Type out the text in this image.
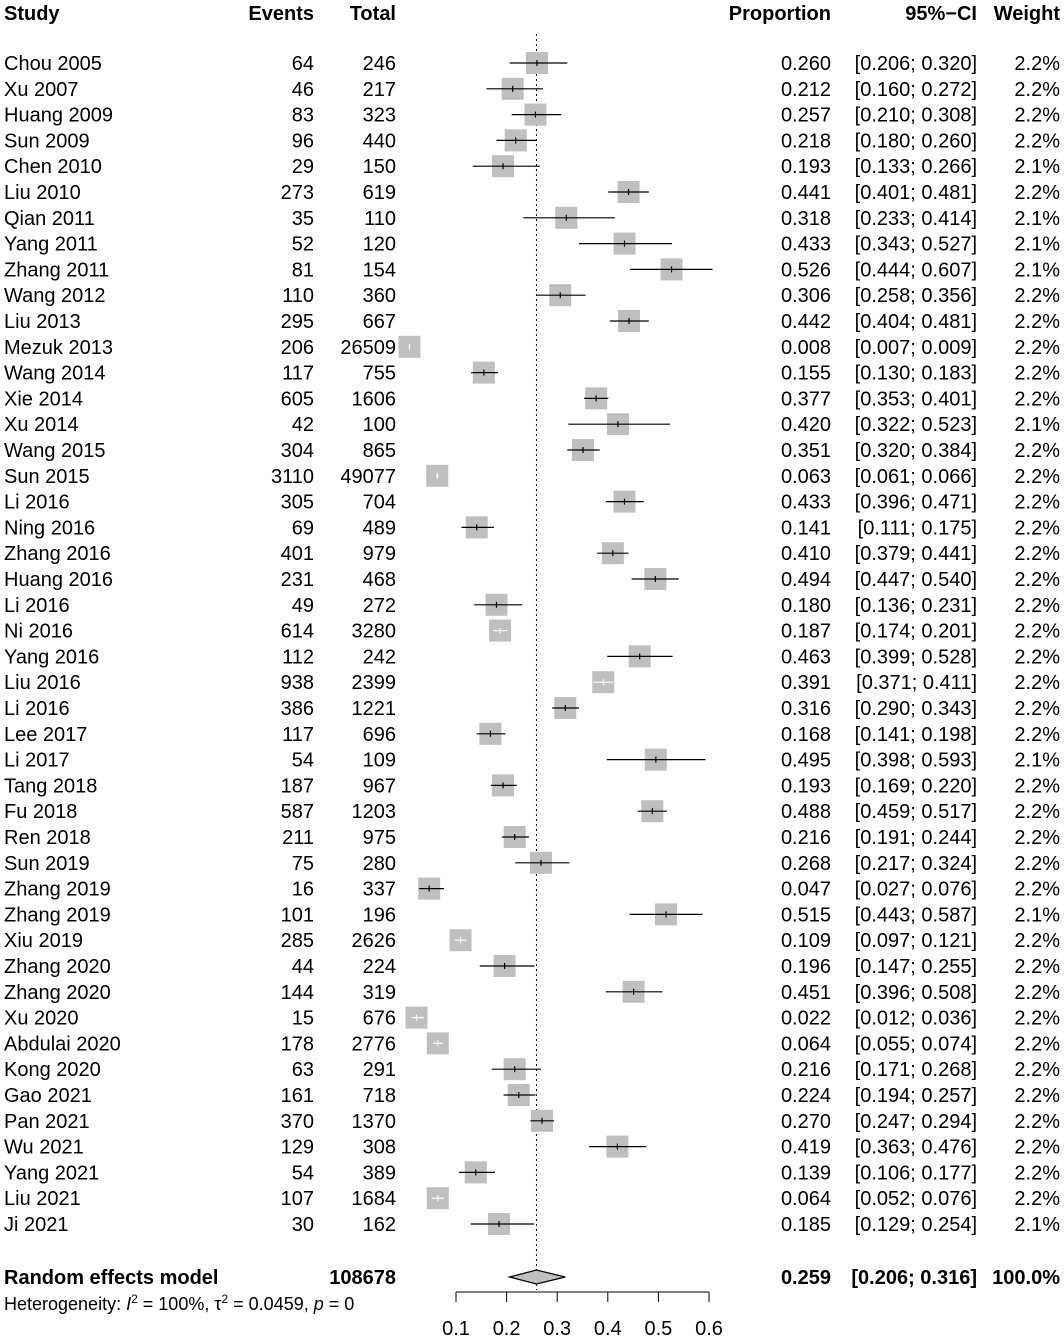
Study	Events Total	Proportion	95%−CI Weight
Chou 2005	64 246	0.260 [0.206; 0.320] 2.2%
Xu 2007	46 217	0.212 [0.160; 0.272] 2.2%
Huang 2009	83 323	0.257 [0.210; 0.308] 2.2%
Sun 2009	96 440	0.218 [0.180; 0.260] 2.2%
Chen 2010	29 150	0.193 [0.133; 0.266] 2.1%
Liu 2010	273 619	0.441 [0.401; 0.481] 2.2%
Qian 2011	35	110	0.318 [0.233; 0.414] 2.1%
Yang 2011	52 120	0.433 [0.343; 0.527] 2.1%
Zhang 2011	81 154	0.526 [0.444; 0.607] 2.1%
Wang 2012	110 360	0.306 [0.258; 0.356] 2.2%
Liu 2013	295 667	0.442 [0.404; 0.481] 2.2%
Mezuk 2013	206 26509	0.008 [0.007; 0.009] 2.2%
Wang 2014	117 755	0.155 [0.130; 0.183] 2.2%
Xie 2014	605 1606	0.377 [0.353; 0.401] 2.2%
Xu 2014	42 100	0.420 [0.322; 0.523] 2.1%
Wang 2015	304 865	0.351 [0.320; 0.384] 2.2%
Sun 2015	3110 49077	0.063 [0.061; 0.066] 2.2%
Li 2016	305 704	0.433 [0.396; 0.471] 2.2%
Ning 2016	69 489	0.141 [0.111; 0.175] 2.2%
Zhang 2016	401 979	0.410 [0.379; 0.441] 2.2%
Huang 2016	231 468	0.494 [0.447; 0.540] 2.2%
Li 2016	49 272	0.180 [0.136; 0.231] 2.2%
Ni 2016	614 3280	0.187 [0.174; 0.201] 2.2%
Yang 2016	112 242	0.463 [0.399; 0.528] 2.2%
Liu 2016	938 2399	0.391 [0.371; 0.411] 2.2%
Li 2016	386 1221	0.316 [0.290; 0.343] 2.2%
Lee 2017	117 696	0.168 [0.141; 0.198] 2.2%
Li 2017	54 109	0.495 [0.398; 0.593] 2.1%
Tang 2018	187 967	0.193 [0.169; 0.220] 2.2%
Fu 2018	587 1203	0.488 [0.459; 0.517] 2.2%
Ren 2018	211 975	0.216 [0.191; 0.244] 2.2%
Sun 2019	75 280	0.268 [0.217; 0.324] 2.2%
Zhang 2019	16 337	0.047 [0.027; 0.076] 2.2%
Zhang 2019	101 196	0.515 [0.443; 0.587] 2.1%
Xiu 2019	285 2626	0.109 [0.097; 0.121] 2.2%
Zhang 2020	44 224	0.196 [0.147; 0.255] 2.2%
Zhang 2020	144 319	0.451 [0.396; 0.508] 2.2%
Xu 2020	15 676	0.022 [0.012; 0.036] 2.2%
Abdulai 2020	178 2776	0.064 [0.055; 0.074] 2.2%
Kong 2020	63 291	0.216 [0.171; 0.268] 2.2%
Gao 2021	161 718	0.224 [0.194; 0.257] 2.2%
Pan 2021	370 1370	0.270 [0.247; 0.294] 2.2%
Wu 2021	129 308	0.419 [0.363; 0.476] 2.2%
Yang 2021	54 389	0.139 [0.106; 0.177] 2.2%
Liu 2021	107 1684	0.064 [0.052; 0.076] 2.2%
Ji 2021	30 162	0.185 [0.129; 0.254] 2.1%
Random effects model	108678	0.259 [0.206; 0.316] 100.0%
Heterogeneity: $I^2 = 100\%$, $\tau^2 = 0.0459$, p = 0
0.1 0.2 0.3 0.4 0.5 0.6
